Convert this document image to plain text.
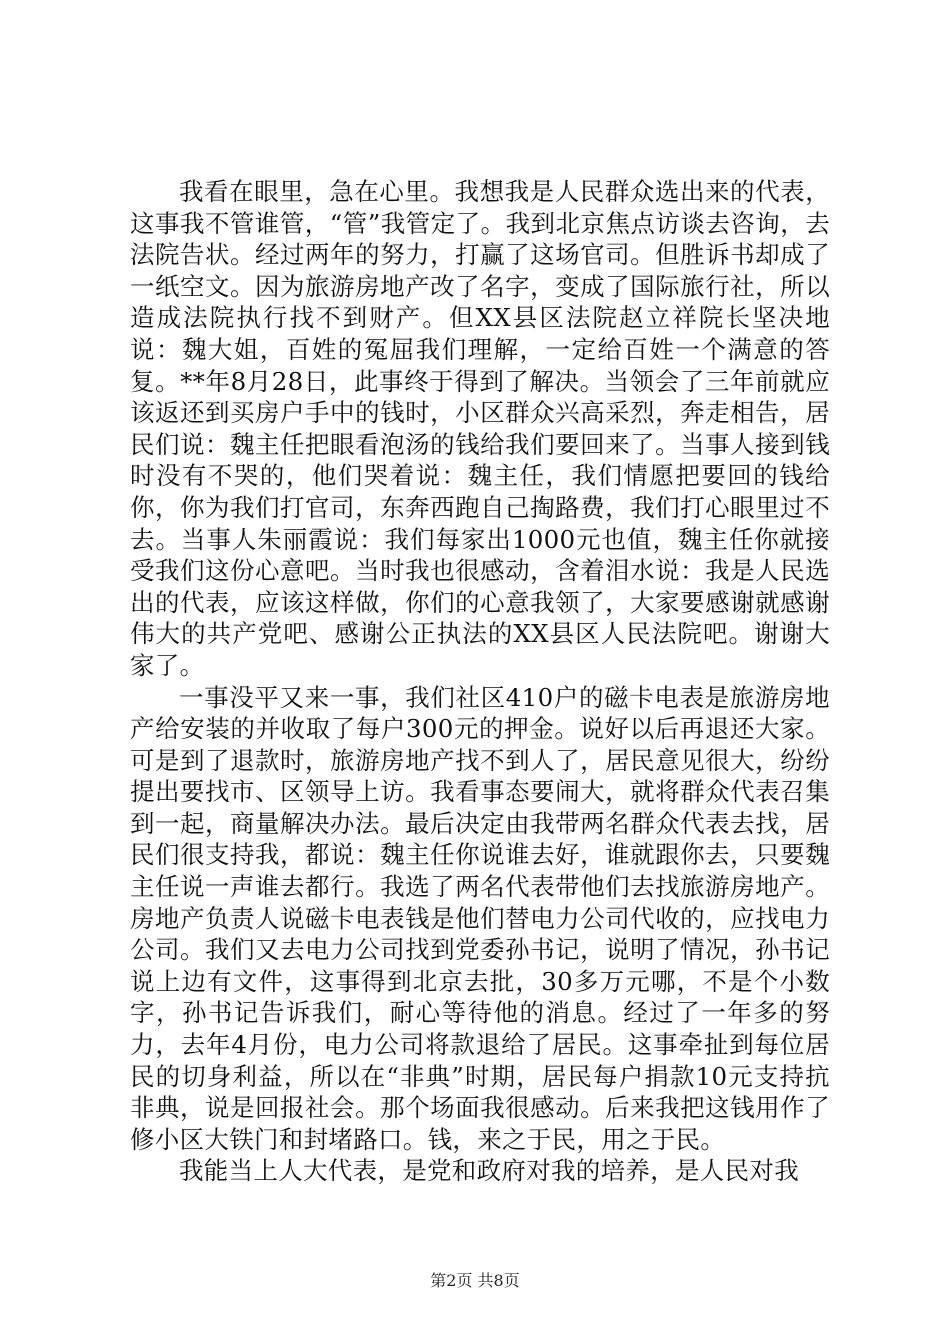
我看在眼里，急在心里。我想我是人民群众选出来的代表，这事我不管谁管，“管”我管定了。我到北京焦点访谈去咨询，去法院告状。经过两年的努力，打赢了这场官司。但胜诉书却成了一纸空文。因为旅游房地产改了名字，变成了国际旅行社，所以造成法院执行找不到财产。但XX县区法院赵立祥院长坚决地说：魏大姐，百姓的冤屈我们理解，一定给百姓一个满意的答复。**年8月28日，此事终于得到了解决。当领会了三年前就应该返还到买房户手中的钱时，小区群众兴高采烈，奔走相告，居民们说：魏主任把眼看泡汤的钱给我们要回来了。当事人接到钱时没有不哭的，他们哭着说：魏主任，我们情愿把要回的钱给你，你为我们打官司，东奔西跑自己掏路费，我们打心眼里过不去。当事人朱丽霞说：我们每家出1000元也值，魏主任你就接受我们这份心意吧。当时我也很感动，含着泪水说：我是人民选出的代表，应该这样做，你们的心意我领了，大家要感谢就感谢伟大的共产党吧、感谢公正执法的XX县区人民法院吧。谢谢大家了。

一事没平又来一事，我们社区410户的磁卡电表是旅游房地产给安装的并收取了每户300元的押金。说好以后再退还大家。可是到了退款时，旅游房地产找不到人了，居民意见很大，纷纷提出要找市、区领导上访。我看事态要闹大，就将群众代表召集到一起，商量解决办法。最后决定由我带两名群众代表去找，居民们很支持我，都说：魏主任你说谁去好，谁就跟你去，只要魏主任说一声谁去都行。我选了两名代表带他们去找旅游房地产。房地产负责人说磁卡电表钱是他们替电力公司代收的，应找电力公司。我们又去电力公司找到党委孙书记，说明了情况，孙书记说上边有文件，这事得到北京去批，30多万元哪，不是个小数字，孙书记告诉我们，耐心等待他的消息。经过了一年多的努力，去年4月份，电力公司将款退给了居民。这事牵扯到每位居民的切身利益，所以在“非典”时期，居民每户捐款10元支持抗非典，说是回报社会。那个场面我很感动。后来我把这钱用作了修小区大铁门和封堵路口。钱，来之于民，用之于民。

我能当上人大代表，是党和政府对我的培养，是人民对我

第2页 共8页
